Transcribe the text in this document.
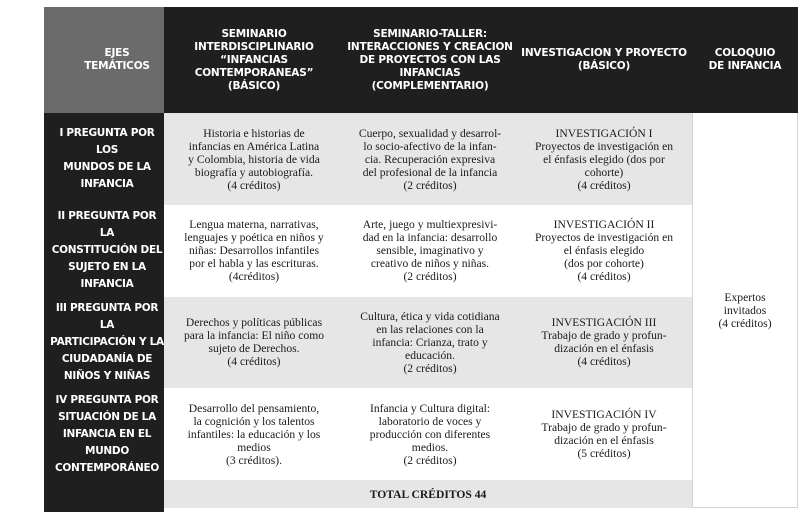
EJES
TEMÁTICOS
SEMINARIO
INTERDISCIPLINARIO
“INFANCIAS CONTEMPORANEAS”
(BÁSICO)
SEMINARIO-TALLER:
INTERACCIONES Y CREACION
DE PROYECTOS CON LAS INFANCIAS
(COMPLEMENTARIO)
INVESTIGACION Y PROYECTO
(BÁSICO)
COLOQUIO
DE INFANCIA
I PREGUNTA POR LOS
MUNDOS DE LA
INFANCIA
II PREGUNTA POR LA
CONSTITUCIÓN DEL
SUJETO EN LA
INFANCIA
III PREGUNTA POR LA
PARTICIPACIÓN Y LA
CIUDADANÍA DE
NIÑOS Y NIÑAS
IV PREGUNTA POR
SITUACIÓN DE LA
INFANCIA EN EL MUNDO
CONTEMPORÁNEO
Historia e historias de
infancias en América Latina
y Colombia, historia de vida
biografía y autobiografía.
(4 créditos)
Cuerpo, sexualidad y desarrol-
lo socio-afectivo de la infan-
cia. Recuperación expresiva
del profesional de la infancia
(2 créditos)
INVESTIGACIÓN I
Proyectos de investigación en
el énfasis elegido (dos por
cohorte)
(4 créditos)
Lengua materna, narrativas,
lenguajes y poética en niños y
niñas: Desarrollos infantiles
por el habla y las escrituras.
(4créditos)
Arte, juego y multiexpresivi-
dad en la infancia: desarrollo
sensible, imaginativo y
creativo de niños y niñas.
(2 créditos)
INVESTIGACIÓN II
Proyectos de investigación en
el énfasis elegido
(dos por cohorte)
(4 créditos)
Derechos y políticas públicas
para la infancia: El niño como
sujeto de Derechos.
(4 créditos)
Cultura, ética y vida cotidiana
en las relaciones con la
infancia: Crianza, trato y
educación.
(2 créditos)
INVESTIGACIÓN III
Trabajo de grado y profun-
dización en el énfasis
(4 créditos)
Desarrollo del pensamiento,
la cognición y los talentos
infantiles: la educación y los
medios
(3 créditos).
Infancia y Cultura digital:
laboratorio de voces y
producción con diferentes
medios.
(2 créditos)
INVESTIGACIÓN IV
Trabajo de grado y profun-
dización en el énfasis
(5 créditos)
Expertos
invitados
(4 créditos)
TOTAL CRÉDITOS 44
